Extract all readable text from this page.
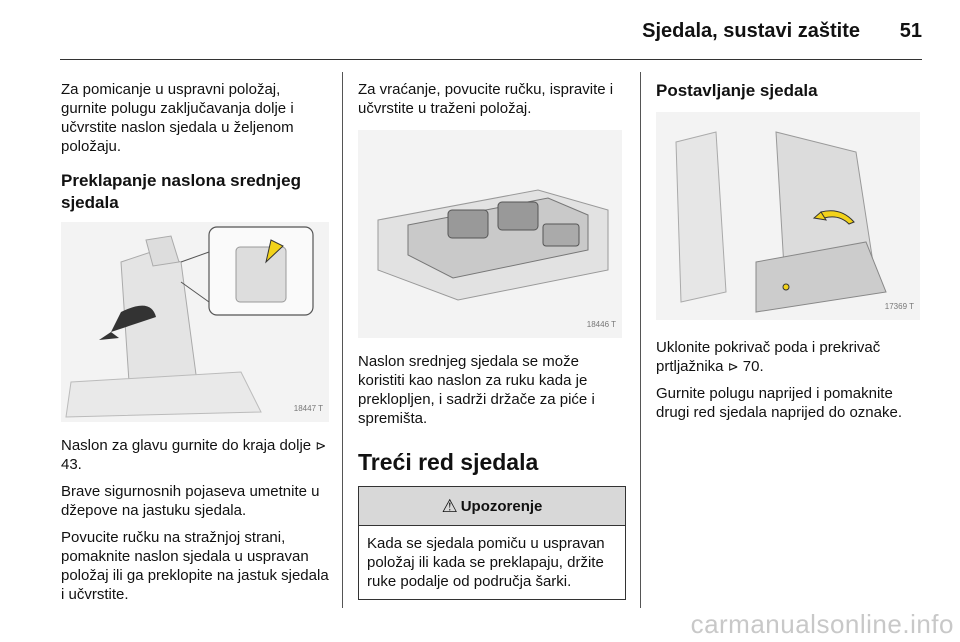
Sjedala, sustavi zaštite 51

Za pomicanje u uspravni položaj, gurnite polugu zaključavanja dolje i učvrstite naslon sjedala u željenom položaju.

Preklapanje naslona srednjeg sjedala
18447 T

Naslon za glavu gurnite do kraja dolje ⊳ 43.

Brave sigurnosnih pojaseva umetnite u džepove na jastuku sjedala.

Povucite ručku na stražnjoj strani, pomaknite naslon sjedala u uspravan položaj ili ga preklopite na jastuk sjedala i učvrstite.

Za vraćanje, povucite ručku, ispravite i učvrstite u traženi položaj.

18446 T

Naslon srednjeg sjedala se može koristiti kao naslon za ruku kada je preklopljen, i sadrži držače za piće i spremišta.

Treći red sjedala
⚠ Upozorenje
Kada se sjedala pomiču u uspravan položaj ili kada se preklapaju, držite ruke podalje od područja šarki.
Postavljanje sjedala
17369 T

Uklonite pokrivač poda i prekrivač prtljažnika ⊳ 70.

Gurnite polugu naprijed i pomaknite drugi red sjedala naprijed do oznake.

carmanualsonline.info
